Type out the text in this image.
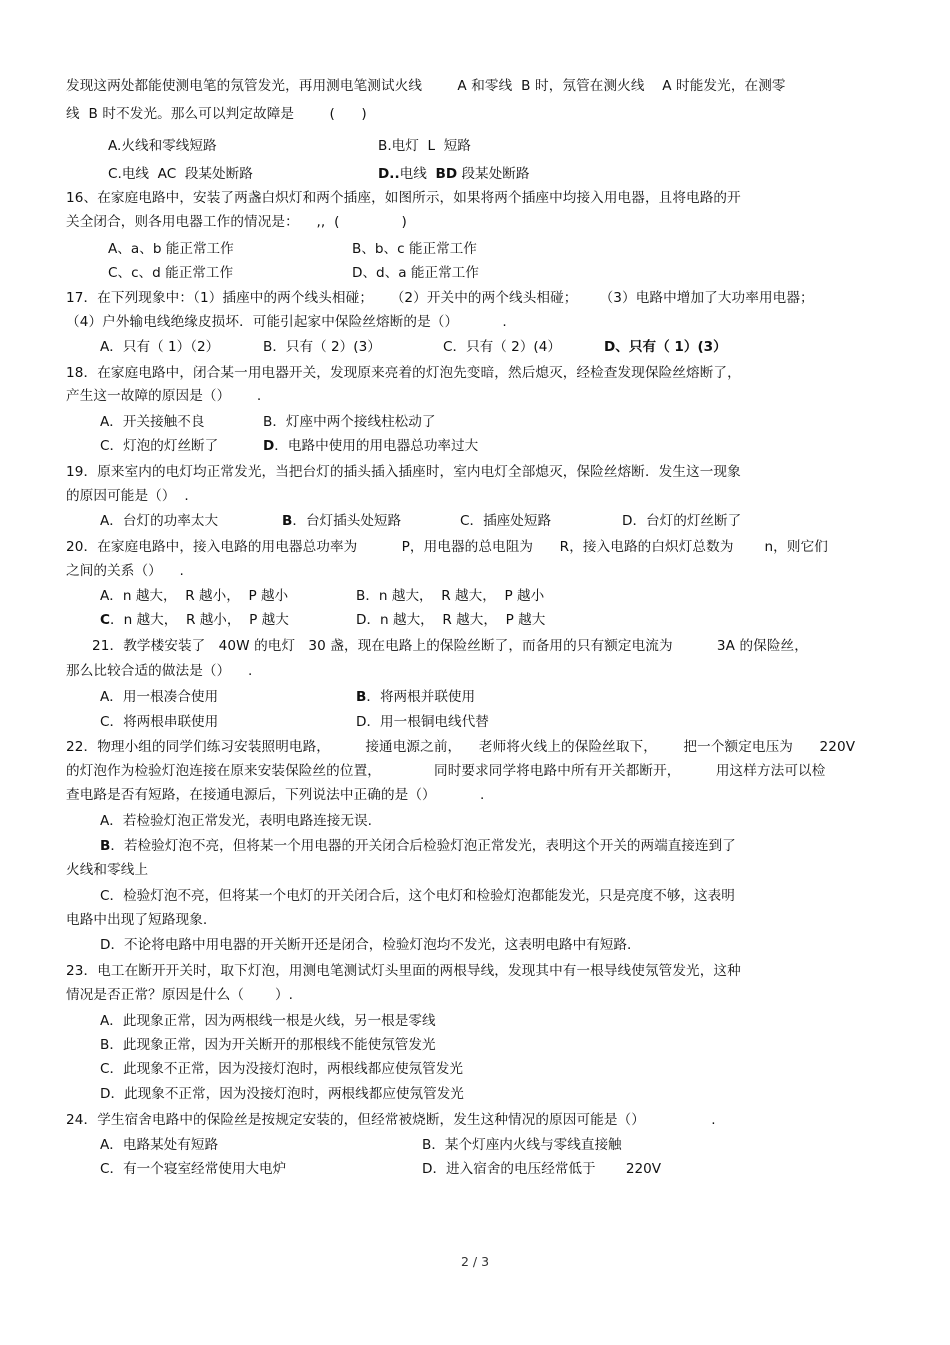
发现这两处都能使测电笔的氖管发光，再用测电笔测试火线        A 和零线  B 时，氖管在测火线    A 时能发光，在测零
线  B 时不发光。那么可以判定故障是        (      )
A.火线和零线短路	B.电灯  L  短路
C.电线  AC  段某处断路	D..电线  BD 段某处断路
16、在家庭电路中，安装了两盏白炽灯和两个插座，如图所示，如果将两个插座中均接入用电器，且将电路的开
关全闭合，则各用电器工作的情况是：    ,,  (              )
A、a、b 能正常工作	B、b、c 能正常工作
C、c、d 能正常工作	D、d、a 能正常工作
17．在下列现象中：（1）插座中的两个线头相碰；    （2）开关中的两个线头相碰；     （3）电路中增加了大功率用电器；
（4）户外输电线绝缘皮损坏．可能引起家中保险丝熔断的是（）          .
A．只有（ 1）（2）	B．只有（ 2）(3）	C．只有（ 2）(4）	D、只有（ 1）(3）
18．在家庭电路中，闭合某一用电器开关，发现原来亮着的灯泡先变暗，然后熄灭，经检查发现保险丝熔断了，
产生这一故障的原因是（）      .
A．开关接触不良	B．灯座中两个接线柱松动了
C．灯泡的灯丝断了	D．电路中使用的用电器总功率过大
19．原来室内的电灯均正常发光，当把台灯的插头插入插座时，室内电灯全部熄灭，保险丝熔断．发生这一现象
的原因可能是（）  .
A．台灯的功率太大	B．台灯插头处短路	C．插座处短路	D．台灯的灯丝断了
20．在家庭电路中，接入电路的用电器总功率为          P，用电器的总电阻为      R，接入电路的白炽灯总数为       n，则它们
之间的关系（）    .
A．n 越大，  R 越小，  P 越小	B．n 越大，  R 越大，  P 越小
C．n 越大，  R 越小，  P 越大	D．n 越大，  R 越大，  P 越大
21．教学楼安装了   40W 的电灯   30 盏，现在电路上的保险丝断了，而备用的只有额定电流为          3A 的保险丝，
那么比较合适的做法是（）    .
A．用一根凑合使用	B．将两根并联使用
C．将两根串联使用	D．用一根铜电线代替
22．物理小组的同学们练习安装照明电路，        接通电源之前，    老师将火线上的保险丝取下，      把一个额定电压为      220V
的灯泡作为检验灯泡连接在原来安装保险丝的位置，            同时要求同学将电路中所有开关都断开，        用这样方法可以检
查电路是否有短路，在接通电源后，下列说法中正确的是（）          .
A．若检验灯泡正常发光，表明电路连接无误.
B．若检验灯泡不亮，但将某一个用电器的开关闭合后检验灯泡正常发光，表明这个开关的两端直接连到了
火线和零线上
C．检验灯泡不亮，但将某一个电灯的开关闭合后，这个电灯和检验灯泡都能发光，只是亮度不够，这表明
电路中出现了短路现象.
D．不论将电路中用电器的开关断开还是闭合，检验灯泡均不发光，这表明电路中有短路.
23．电工在断开开关时，取下灯泡，用测电笔测试灯头里面的两根导线，发现其中有一根导线使氖管发光，这种
情况是否正常？原因是什么（       ）.
A．此现象正常，因为两根线一根是火线，另一根是零线
B．此现象正常，因为开关断开的那根线不能使氖管发光
C．此现象不正常，因为没接灯泡时，两根线都应使氖管发光
D．此现象不正常，因为没接灯泡时，两根线都应使氖管发光
24．学生宿舍电路中的保险丝是按规定安装的，但经常被烧断，发生这种情况的原因可能是（）               .
A．电路某处有短路	B．某个灯座内火线与零线直接触
C．有一个寝室经常使用大电炉	D．进入宿舍的电压经常低于       220V
2 / 3
